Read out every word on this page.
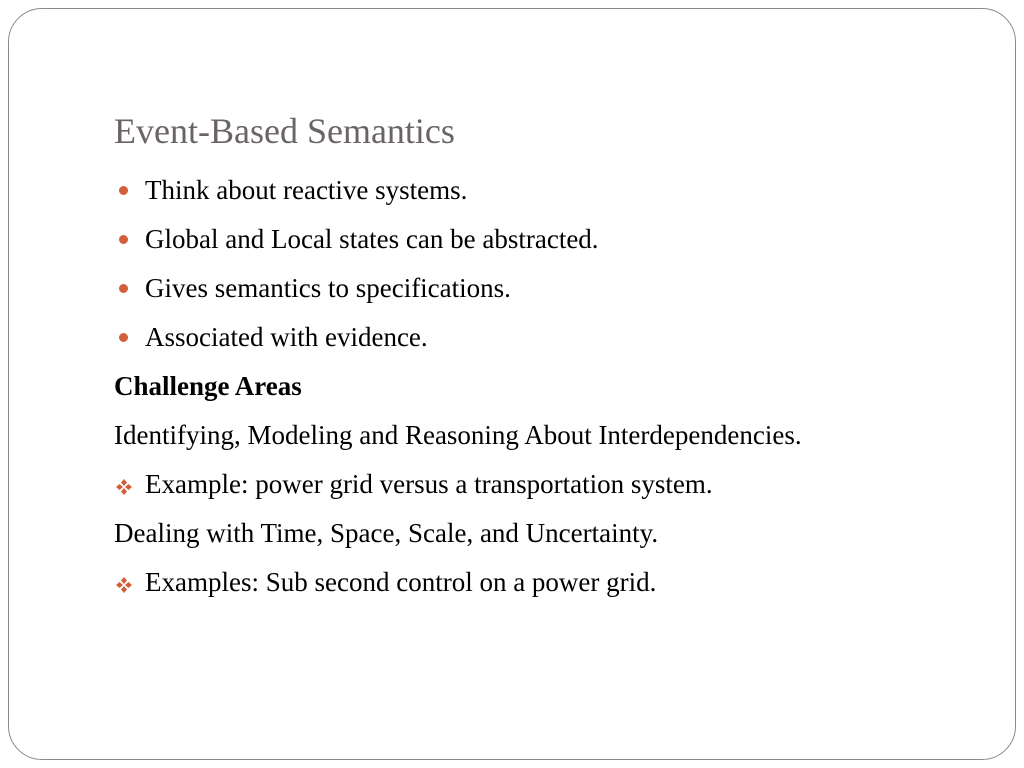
Event-Based Semantics
Think about reactive systems.
Global and Local states can be abstracted.
Gives semantics to specifications.
Associated with evidence.
Challenge Areas
Identifying, Modeling and Reasoning About Interdependencies.
Example: power grid versus a transportation system.
Dealing with Time, Space, Scale, and Uncertainty.
Examples: Sub second control on a power grid.
